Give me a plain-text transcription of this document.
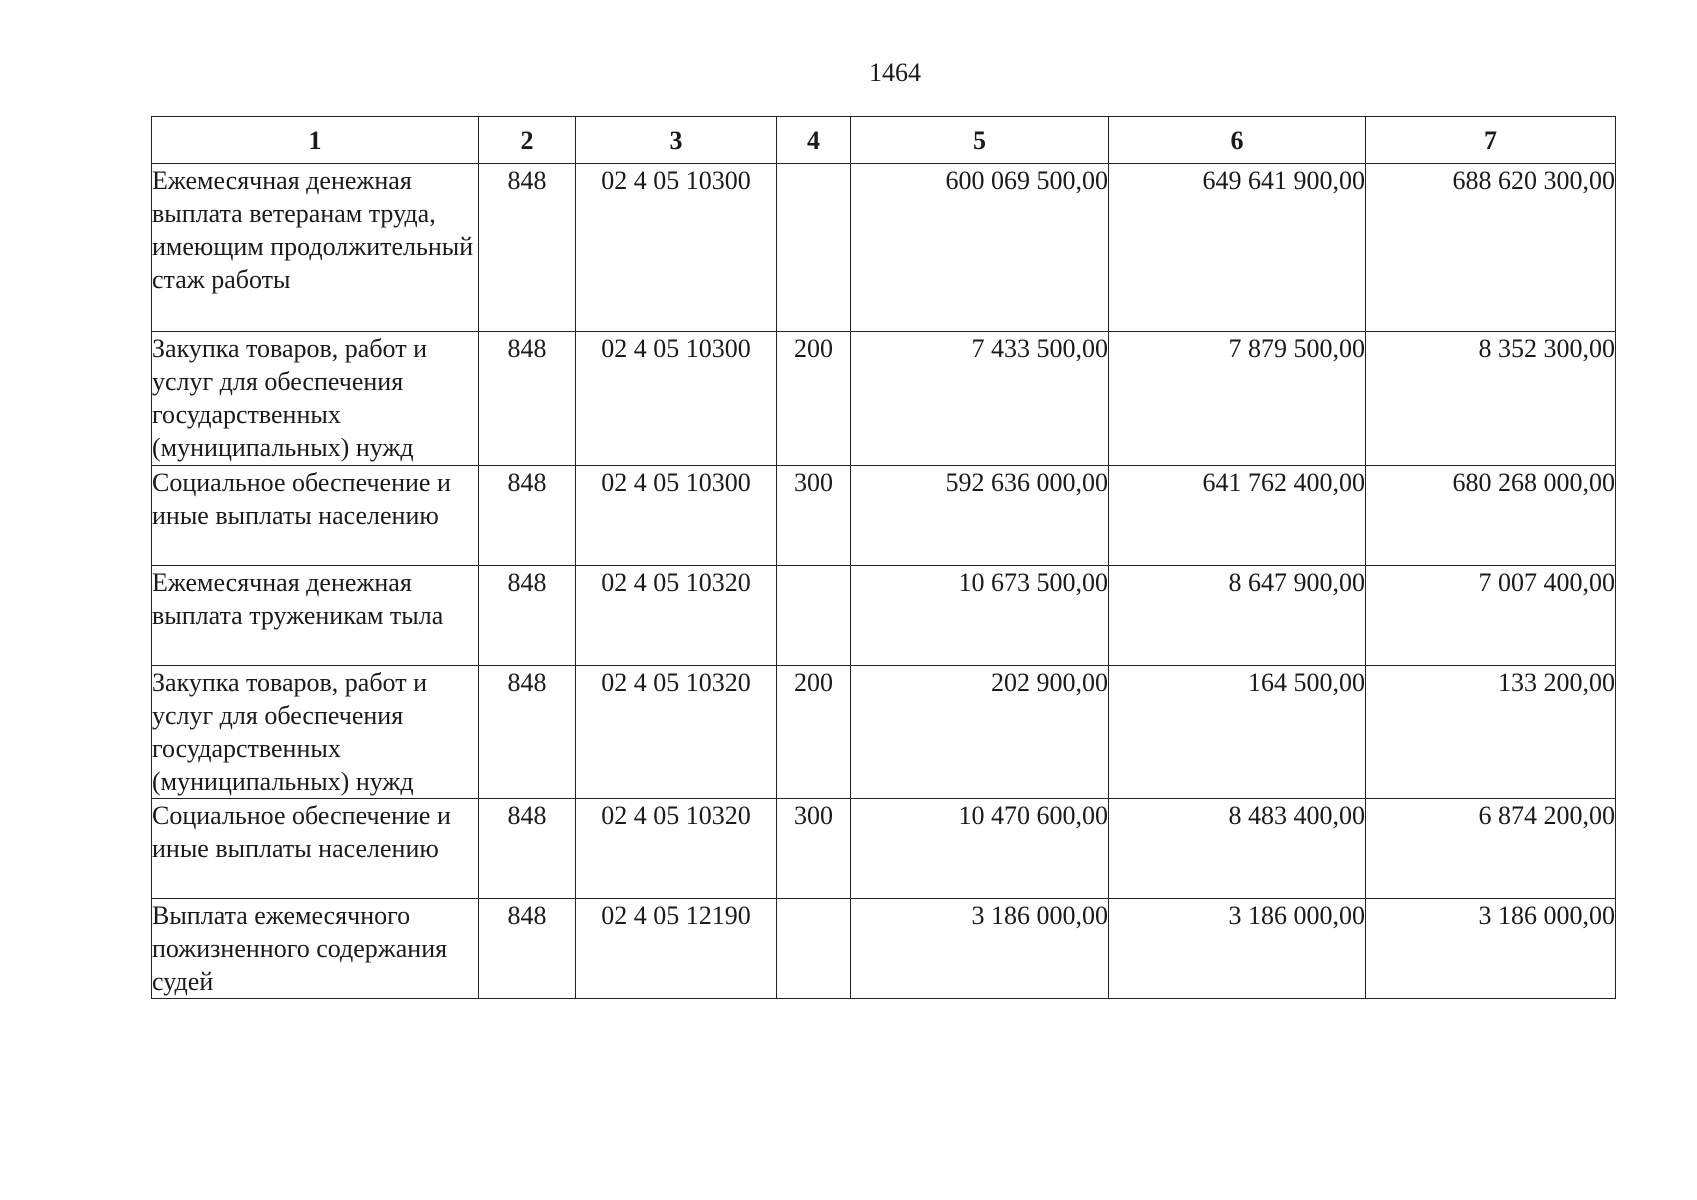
1464
1	2	3	4	5	6	7
Ежемесячная денежная выплата ветеранам труда, имеющим продолжительный стаж работы	848	02 4 05 10300		600 069 500,00	649 641 900,00	688 620 300,00
Закупка товаров, работ и услуг для обеспечения государственных (муниципальных) нужд	848	02 4 05 10300	200	7 433 500,00	7 879 500,00	8 352 300,00
Социальное обеспечение и иные выплаты населению	848	02 4 05 10300	300	592 636 000,00	641 762 400,00	680 268 000,00
Ежемесячная денежная выплата труженикам тыла	848	02 4 05 10320		10 673 500,00	8 647 900,00	7 007 400,00
Закупка товаров, работ и услуг для обеспечения государственных (муниципальных) нужд	848	02 4 05 10320	200	202 900,00	164 500,00	133 200,00
Социальное обеспечение и иные выплаты населению	848	02 4 05 10320	300	10 470 600,00	8 483 400,00	6 874 200,00
Выплата ежемесячного пожизненного содержания судей	848	02 4 05 12190		3 186 000,00	3 186 000,00	3 186 000,00
